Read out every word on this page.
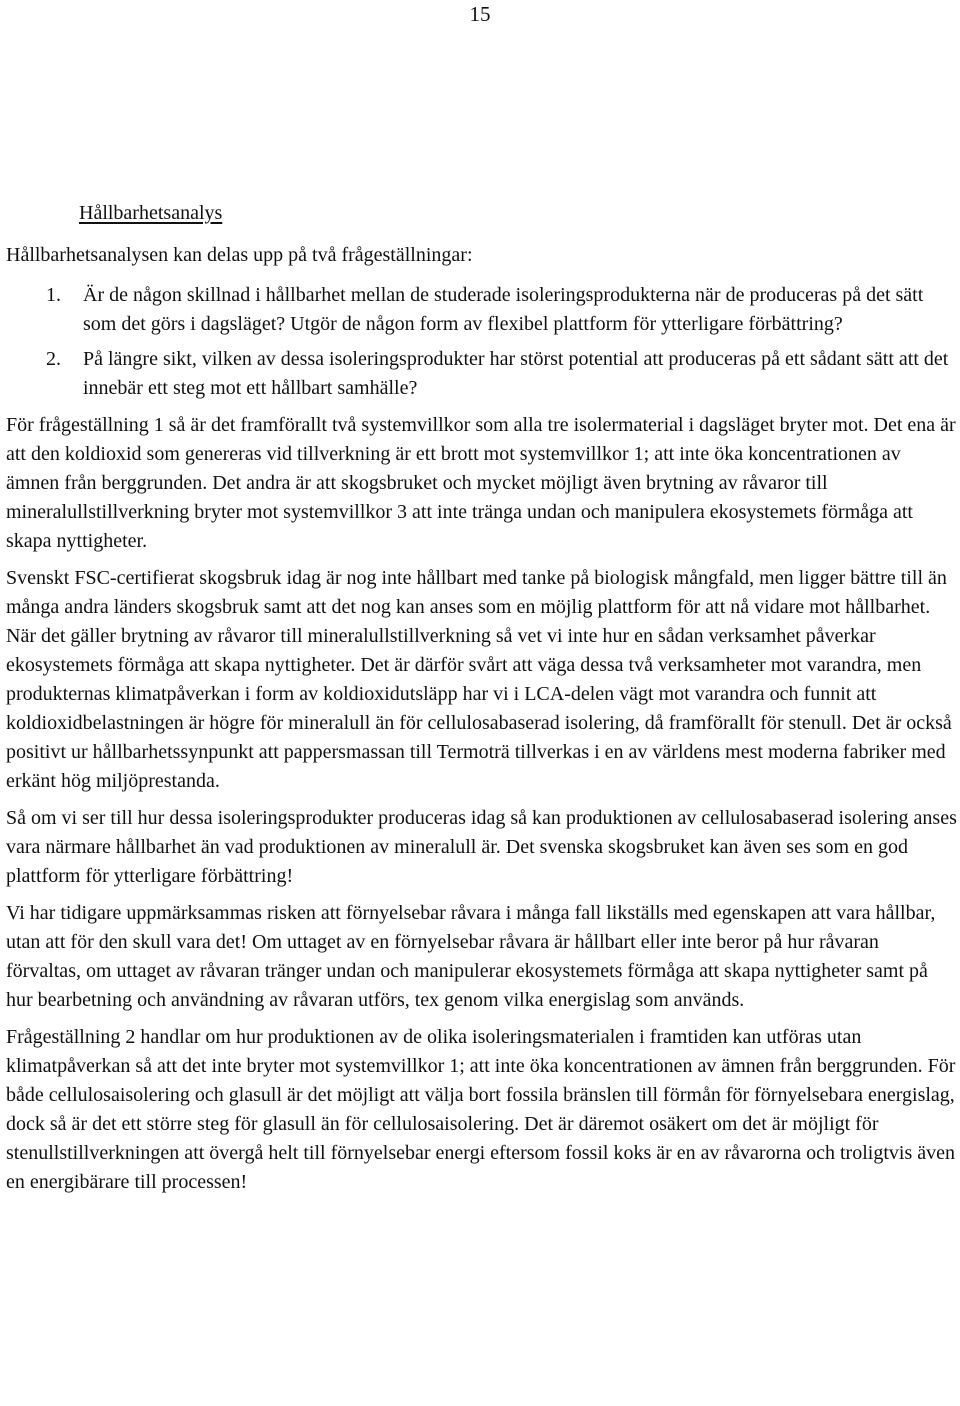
15
Hållbarhetsanalys

Hållbarhetsanalysen kan delas upp på två frågeställningar:

1. Är de någon skillnad i hållbarhet mellan de studerade isoleringsprodukterna när de produceras på det sätt som det görs i dagsläget? Utgör de någon form av flexibel plattform för ytterligare förbättring?
2. På längre sikt, vilken av dessa isoleringsprodukter har störst potential att produceras på ett sådant sätt att det innebär ett steg mot ett hållbart samhälle?

För frågeställning 1 så är det framförallt två systemvillkor som alla tre isolermaterial i dagsläget bryter mot. Det ena är att den koldioxid som genereras vid tillverkning är ett brott mot systemvillkor 1; att inte öka koncentrationen av ämnen från berggrunden. Det andra är att skogsbruket och mycket möjligt även brytning av råvaror till mineralullstillverkning bryter mot systemvillkor 3 att inte tränga undan och manipulera ekosystemets förmåga att skapa nyttigheter.

Svenskt FSC-certifierat skogsbruk idag är nog inte hållbart med tanke på biologisk mångfald, men ligger bättre till än många andra länders skogsbruk samt att det nog kan anses som en möjlig plattform för att nå vidare mot hållbarhet. När det gäller brytning av råvaror till mineralullstillverkning så vet vi inte hur en sådan verksamhet påverkar ekosystemets förmåga att skapa nyttigheter. Det är därför svårt att väga dessa två verksamheter mot varandra, men produkternas klimatpåverkan i form av koldioxidutsläpp har vi i LCA-delen vägt mot varandra och funnit att koldioxidbelastningen är högre för mineralull än för cellulosabaserad isolering, då framförallt för stenull. Det är också positivt ur hållbarhetssynpunkt att pappersmassan till Termoträ tillverkas i en av världens mest moderna fabriker med erkänt hög miljöprestanda.

Så om vi ser till hur dessa isoleringsprodukter produceras idag så kan produktionen av cellulosabaserad isolering anses vara närmare hållbarhet än vad produktionen av mineralull är. Det svenska skogsbruket kan även ses som en god plattform för ytterligare förbättring!

Vi har tidigare uppmärksammas risken att förnyelsebar råvara i många fall likställs med egenskapen att vara hållbar, utan att för den skull vara det! Om uttaget av en förnyelsebar råvara är hållbart eller inte beror på hur råvaran förvaltas, om uttaget av råvaran tränger undan och manipulerar ekosystemets förmåga att skapa nyttigheter samt på hur bearbetning och användning av råvaran utförs, tex genom vilka energislag som används.

Frågeställning 2 handlar om hur produktionen av de olika isoleringsmaterialen i framtiden kan utföras utan klimatpåverkan så att det inte bryter mot systemvillkor 1; att inte öka koncentrationen av ämnen från berggrunden. För både cellulosaisolering och glasull är det möjligt att välja bort fossila bränslen till förmån för förnyelsebara energislag, dock så är det ett större steg för glasull än för cellulosaisolering. Det är däremot osäkert om det är möjligt för stenullstillverkningen att övergå helt till förnyelsebar energi eftersom fossil koks är en av råvarorna och troligtvis även en energibärare till processen!
